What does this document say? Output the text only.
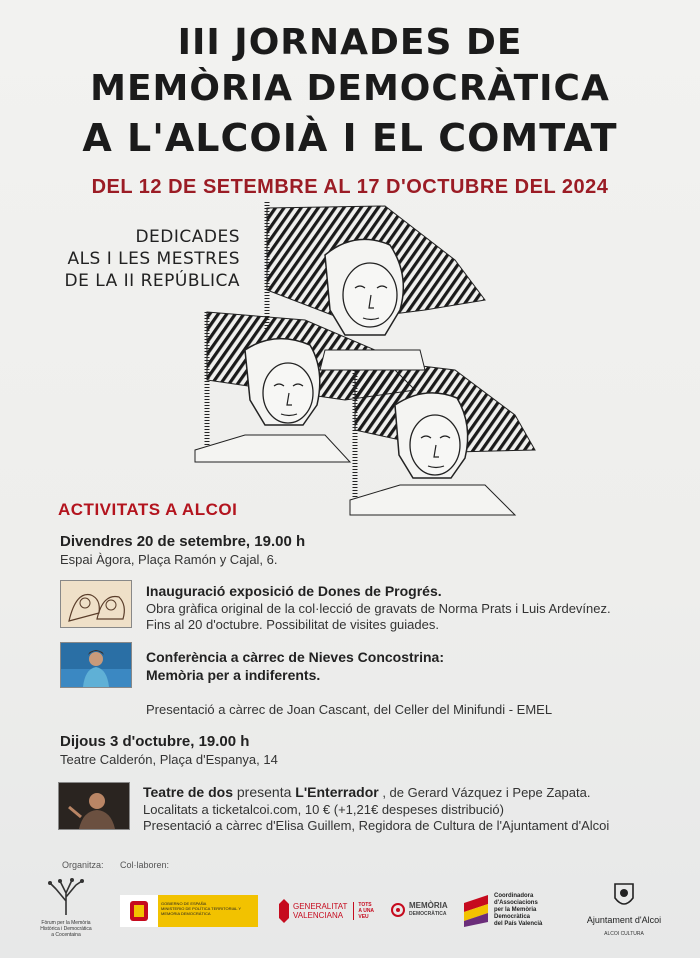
III JORNADES DE
MEMÒRIA DEMOCRÀTICA
A L'ALCOIÀ I EL COMTAT
DEL 12 DE SETEMBRE AL 17 D'OCTUBRE DEL 2024
DEDICADES
ALS I LES MESTRES
DE LA II REPÚBLICA
ACTIVITATS A ALCOI
Divendres 20 de setembre, 19.00 h
Espai Àgora, Plaça Ramón y Cajal, 6.
Inauguració exposició de Dones de Progrés.
Obra gràfica original de la col·lecció de gravats de Norma Prats i Luis Ardevínez.
Fins al 20 d'octubre. Possibilitat de visites guiades.
Conferència a càrrec de Nieves Concostrina:
Memòria per a indiferents.
Presentació a càrrec de Joan Cascant, del Celler del Minifundi - EMEL
Dijous 3 d'octubre, 19.00 h
Teatre Calderón, Plaça d'Espanya, 14
Teatre de dos presenta L'Enterrador , de Gerard Vázquez i Pepe Zapata.
Localitats a ticketalcoi.com, 10 € (+1,21€ despeses distribució)
Presentació a càrrec d'Elisa Guillem, Regidora de Cultura de l'Ajuntament d'Alcoi
Organitza: Col·laboren:
Fòrum per la Memòria
Històrica i Democràtica
a Cocentaina
GOBIERNO DE ESPAÑA
MINISTERIO DE POLÍTICA TERRITORIAL Y MEMORIA DEMOCRÁTICA
GENERALITAT
VALENCIANA
TOTS
A UNA
VEU
MEMÒRIA
DEMOCRÀTICA
Coordinadora
d'Associacions
per la Memòria
Democràtica
del País Valencià	Ajuntament d'Alcoi
ALCOI CULTURA
